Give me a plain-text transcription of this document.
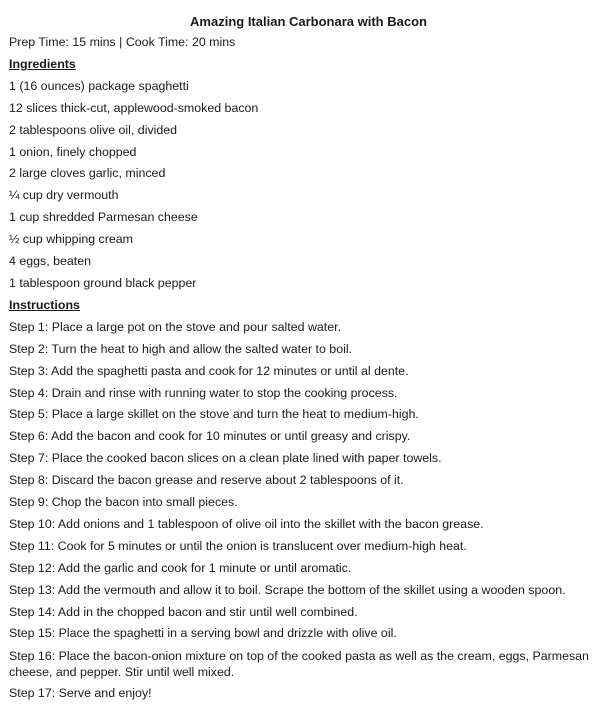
Amazing Italian Carbonara with Bacon
Prep Time: 15 mins | Cook Time: 20 mins
Ingredients
1 (16 ounces) package spaghetti
12 slices thick-cut, applewood-smoked bacon
2 tablespoons olive oil, divided
1 onion, finely chopped
2 large cloves garlic, minced
¼ cup dry vermouth
1 cup shredded Parmesan cheese
½ cup whipping cream
4 eggs, beaten
1 tablespoon ground black pepper
Instructions
Step 1: Place a large pot on the stove and pour salted water.
Step 2: Turn the heat to high and allow the salted water to boil.
Step 3: Add the spaghetti pasta and cook for 12 minutes or until al dente.
Step 4: Drain and rinse with running water to stop the cooking process.
Step 5: Place a large skillet on the stove and turn the heat to medium-high.
Step 6: Add the bacon and cook for 10 minutes or until greasy and crispy.
Step 7: Place the cooked bacon slices on a clean plate lined with paper towels.
Step 8: Discard the bacon grease and reserve about 2 tablespoons of it.
Step 9: Chop the bacon into small pieces.
Step 10: Add onions and 1 tablespoon of olive oil into the skillet with the bacon grease.
Step 11: Cook for 5 minutes or until the onion is translucent over medium-high heat.
Step 12: Add the garlic and cook for 1 minute or until aromatic.
Step 13: Add the vermouth and allow it to boil. Scrape the bottom of the skillet using a wooden spoon.
Step 14: Add in the chopped bacon and stir until well combined.
Step 15: Place the spaghetti in a serving bowl and drizzle with olive oil.
Step 16: Place the bacon-onion mixture on top of the cooked pasta as well as the cream, eggs, Parmesan cheese, and pepper. Stir until well mixed.
Step 17: Serve and enjoy!
